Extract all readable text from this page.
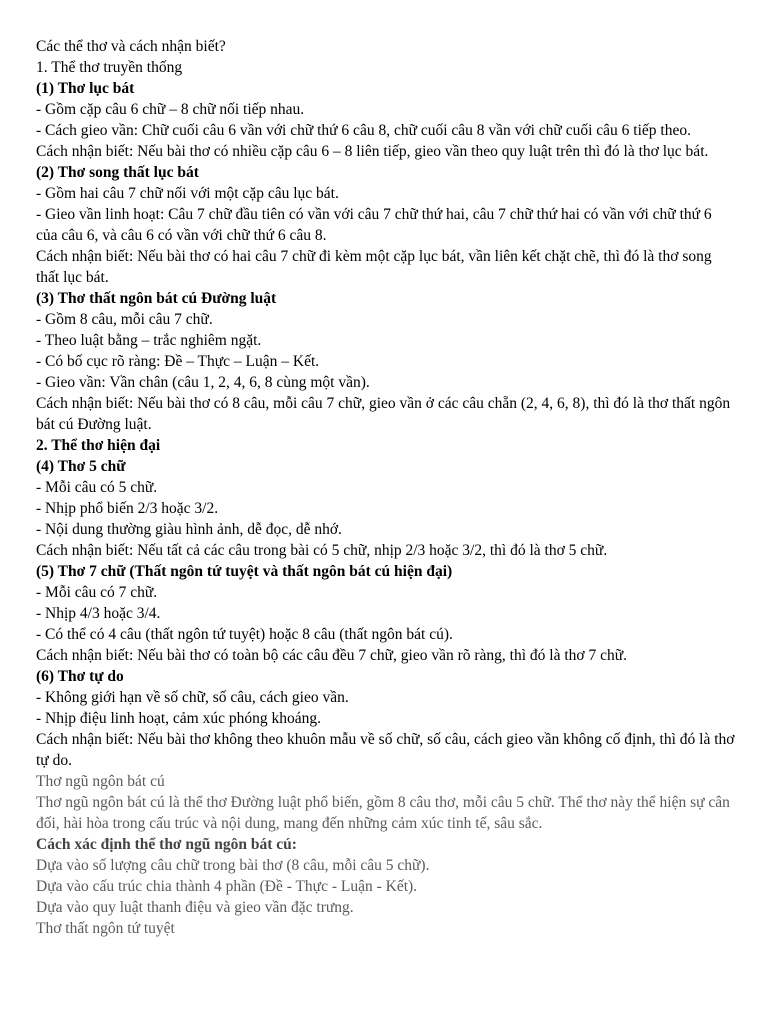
Các thể thơ và cách nhận biết?

1. Thể thơ truyền thống

(1) Thơ lục bát

- Gồm cặp câu 6 chữ – 8 chữ nối tiếp nhau.

- Cách gieo vần: Chữ cuối câu 6 vần với chữ thứ 6 câu 8, chữ cuối câu 8 vần với chữ cuối câu 6 tiếp theo.

Cách nhận biết: Nếu bài thơ có nhiều cặp câu 6 – 8 liên tiếp, gieo vần theo quy luật trên thì đó là thơ lục bát.

(2) Thơ song thất lục bát

- Gồm hai câu 7 chữ nối với một cặp câu lục bát.

- Gieo vần linh hoạt: Câu 7 chữ đầu tiên có vần với câu 7 chữ thứ hai, câu 7 chữ thứ hai có vần với chữ thứ 6 của câu 6, và câu 6 có vần với chữ thứ 6 câu 8.

Cách nhận biết: Nếu bài thơ có hai câu 7 chữ đi kèm một cặp lục bát, vần liên kết chặt chẽ, thì đó là thơ song thất lục bát.

(3) Thơ thất ngôn bát cú Đường luật

- Gồm 8 câu, mỗi câu 7 chữ.

- Theo luật bằng – trắc nghiêm ngặt.

- Có bố cục rõ ràng: Đề – Thực – Luận – Kết.

- Gieo vần: Vần chân (câu 1, 2, 4, 6, 8 cùng một vần).

Cách nhận biết: Nếu bài thơ có 8 câu, mỗi câu 7 chữ, gieo vần ở các câu chẵn (2, 4, 6, 8), thì đó là thơ thất ngôn bát cú Đường luật.

2. Thể thơ hiện đại

(4) Thơ 5 chữ

- Mỗi câu có 5 chữ.

- Nhịp phổ biến 2/3 hoặc 3/2.

- Nội dung thường giàu hình ảnh, dễ đọc, dễ nhớ.

Cách nhận biết: Nếu tất cả các câu trong bài có 5 chữ, nhịp 2/3 hoặc 3/2, thì đó là thơ 5 chữ.

(5) Thơ 7 chữ (Thất ngôn tứ tuyệt và thất ngôn bát cú hiện đại)

- Mỗi câu có 7 chữ.

- Nhịp 4/3 hoặc 3/4.

- Có thể có 4 câu (thất ngôn tứ tuyệt) hoặc 8 câu (thất ngôn bát cú).

Cách nhận biết: Nếu bài thơ có toàn bộ các câu đều 7 chữ, gieo vần rõ ràng, thì đó là thơ 7 chữ.

(6) Thơ tự do

- Không giới hạn về số chữ, số câu, cách gieo vần.

- Nhịp điệu linh hoạt, cảm xúc phóng khoáng.

Cách nhận biết: Nếu bài thơ không theo khuôn mẫu về số chữ, số câu, cách gieo vần không cố định, thì đó là thơ tự do.

Thơ ngũ ngôn bát cú

Thơ ngũ ngôn bát cú là thể thơ Đường luật phổ biến, gồm 8 câu thơ, mỗi câu 5 chữ. Thể thơ này thể hiện sự cân đối, hài hòa trong cấu trúc và nội dung, mang đến những cảm xúc tinh tế, sâu sắc.

Cách xác định thể thơ ngũ ngôn bát cú:

Dựa vào số lượng câu chữ trong bài thơ (8 câu, mỗi câu 5 chữ).

Dựa vào cấu trúc chia thành 4 phần (Đề - Thực - Luận - Kết).

Dựa vào quy luật thanh điệu và gieo vần đặc trưng.

Thơ thất ngôn tứ tuyệt
